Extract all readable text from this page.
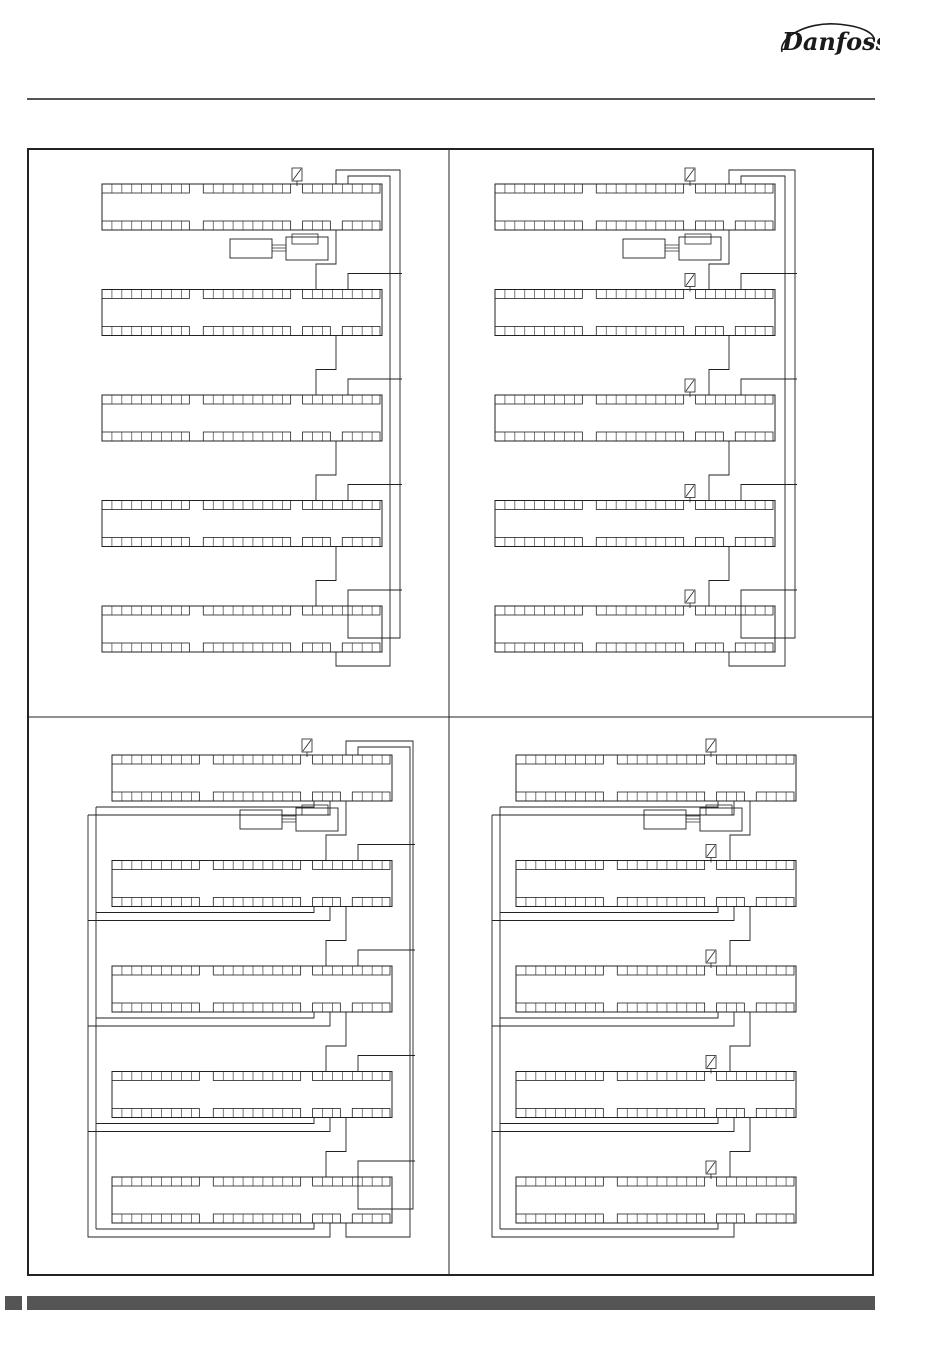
Danfoss
